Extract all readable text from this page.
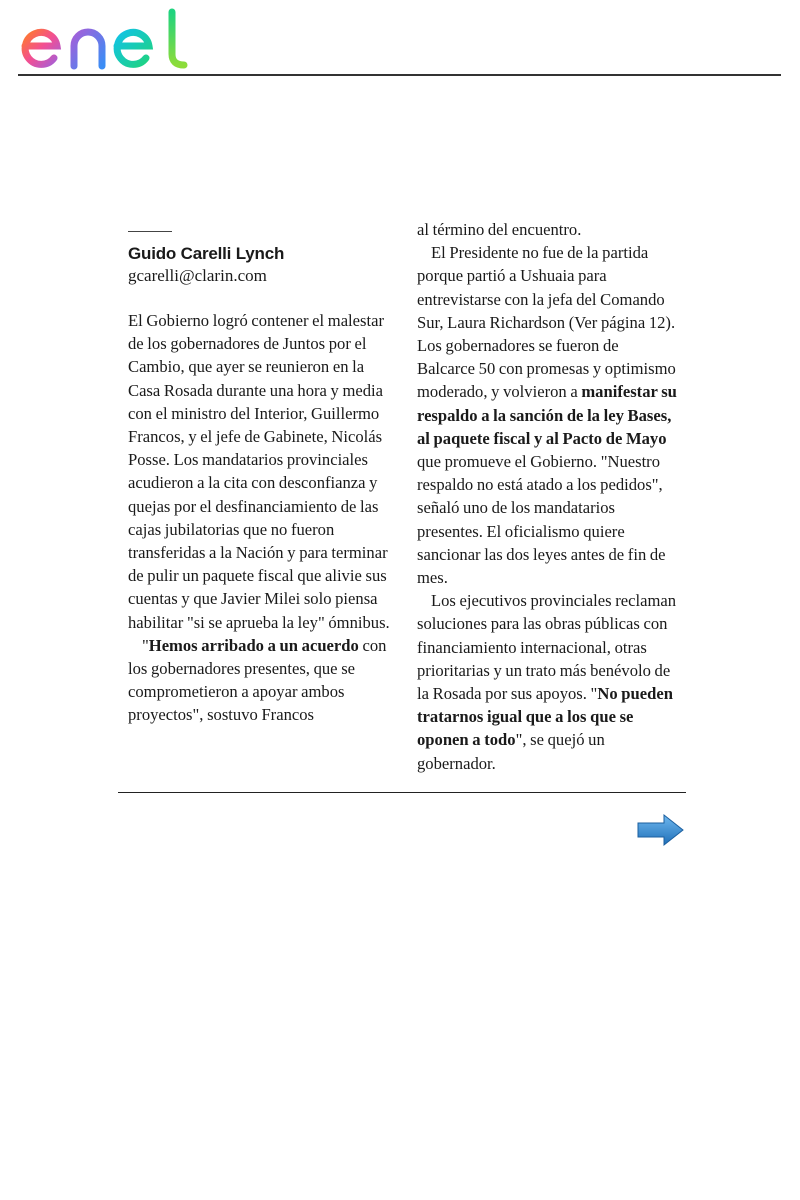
Guido Carelli Lynch
gcarelli@clarin.com

El Gobierno logró contener el malestar de los gobernadores de Juntos por el Cambio, que ayer se reunieron en la Casa Rosada durante una hora y media con el ministro del Interior, Guillermo Francos, y el jefe de Gabinete, Nicolás Posse. Los mandatarios provinciales acudieron a la cita con desconfianza y quejas por el desfinanciamiento de las cajas jubilatorias que no fueron transferidas a la Nación y para terminar de pulir un paquete fiscal que alivie sus cuentas y que Javier Milei solo piensa habilitar "si se aprueba la ley" ómnibus.

"Hemos arribado a un acuerdo con los gobernadores presentes, que se comprometieron a apoyar ambos proyectos", sostuvo Francos

al término del encuentro.

El Presidente no fue de la partida porque partió a Ushuaia para entrevistarse con la jefa del Comando Sur, Laura Richardson (Ver página 12). Los gobernadores se fueron de Balcarce 50 con promesas y optimismo moderado, y volvieron a manifestar su respaldo a la sanción de la ley Bases, al paquete fiscal y al Pacto de Mayo que promueve el Gobierno. "Nuestro respaldo no está atado a los pedidos", señaló uno de los mandatarios presentes. El oficialismo quiere sancionar las dos leyes antes de fin de mes.

Los ejecutivos provinciales reclaman soluciones para las obras públicas con financiamiento internacional, otras prioritarias y un trato más benévolo de la Rosada por sus apoyos. "No pueden tratarnos igual que a los que se oponen a todo", se quejó un gobernador.
